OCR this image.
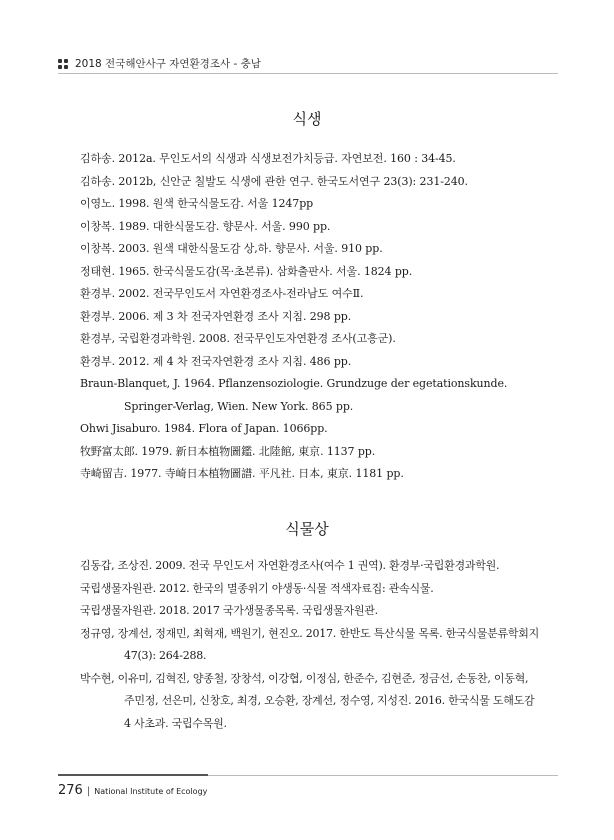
2018 전국해안사구 자연환경조사 - 충남
식생
김하송. 2012a. 무인도서의 식생과 식생보전가치등급. 자연보전. 160 : 34-45.
김하송. 2012b, 신안군 칠발도 식생에 관한 연구. 한국도서연구 23(3): 231-240.
이영노. 1998. 원색 한국식물도감. 서울 1247pp
이창복. 1989. 대한식물도감. 향문사. 서울. 990 pp.
이창복. 2003. 원색 대한식물도감 상,하. 향문사. 서울. 910 pp.
정태현. 1965. 한국식물도감(목·초본류). 삼화출판사. 서울. 1824 pp.
환경부. 2002. 전국무인도서 자연환경조사-전라남도 여수Ⅱ.
환경부. 2006. 제 3 차 전국자연환경 조사 지침. 298 pp.
환경부, 국립환경과학원. 2008. 전국무인도자연환경 조사(고흥군).
환경부. 2012. 제 4 차 전국자연환경 조사 지침. 486 pp.
Braun-Blanquet, J. 1964. Pflanzensoziologie. Grundzuge der egetationskunde. Springer-Verlag, Wien. New York. 865 pp.
Ohwi Jisaburo. 1984. Flora of Japan. 1066pp.
牧野富太郎. 1979. 新日本植物圖鑑. 北陸館, 東京. 1137 pp.
寺崎留吉. 1977. 寺崎日本植物圖譜. 平凡社. 日本, 東京. 1181 pp.
식물상
김동갑, 조상진. 2009. 전국 무인도서 자연환경조사(여수 1 권역). 환경부·국립환경과학원.
국립생물자원관. 2012. 한국의 멸종위기 야생동·식물 적색자료집: 관속식물.
국립생물자원관. 2018. 2017 국가생물종목록. 국립생물자원관.
정규영, 장계선, 정재민, 최혁재, 백원기, 현진오. 2017. 한반도 특산식물 목록. 한국식물분류학회지 47(3): 264-288.
박수현, 이유미, 김혁진, 양종철, 장창석, 이강협, 이정심, 한준수, 김현준, 정금선, 손동찬, 이동혁, 주민정, 선은미, 신창호, 최경, 오승환, 장계선, 정수영, 지성진. 2016. 한국식물 도해도감 4 사초과. 국립수목원.
276 | National Institute of Ecology
